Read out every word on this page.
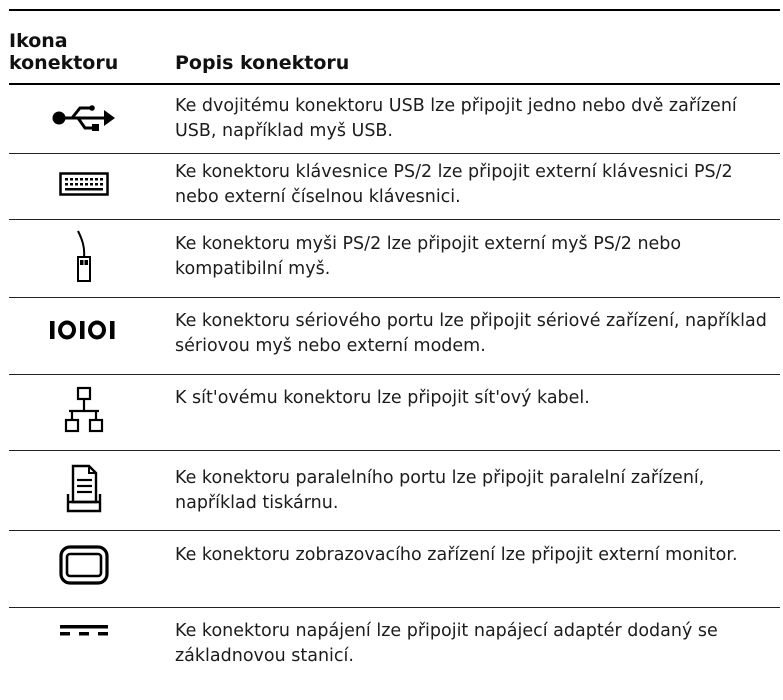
Ikona
konektoru	Popis konektoru
Ke dvojitému konektoru USB lze připojit jedno nebo dvě zařízení USB, například myš USB.
Ke konektoru klávesnice PS/2 lze připojit externí klávesnici PS/2 nebo externí číselnou klávesnici.
Ke konektoru myši PS/2 lze připojit externí myš PS/2 nebo kompatibilní myš.
Ke konektoru sériového portu lze připojit sériové zařízení, například sériovou myš nebo externí modem.
K sít'ovému konektoru lze připojit sít'ový kabel.
Ke konektoru paralelního portu lze připojit paralelní zařízení, například tiskárnu.
Ke konektoru zobrazovacího zařízení lze připojit externí monitor.
Ke konektoru napájení lze připojit napájecí adaptér dodaný se základnovou stanicí.
